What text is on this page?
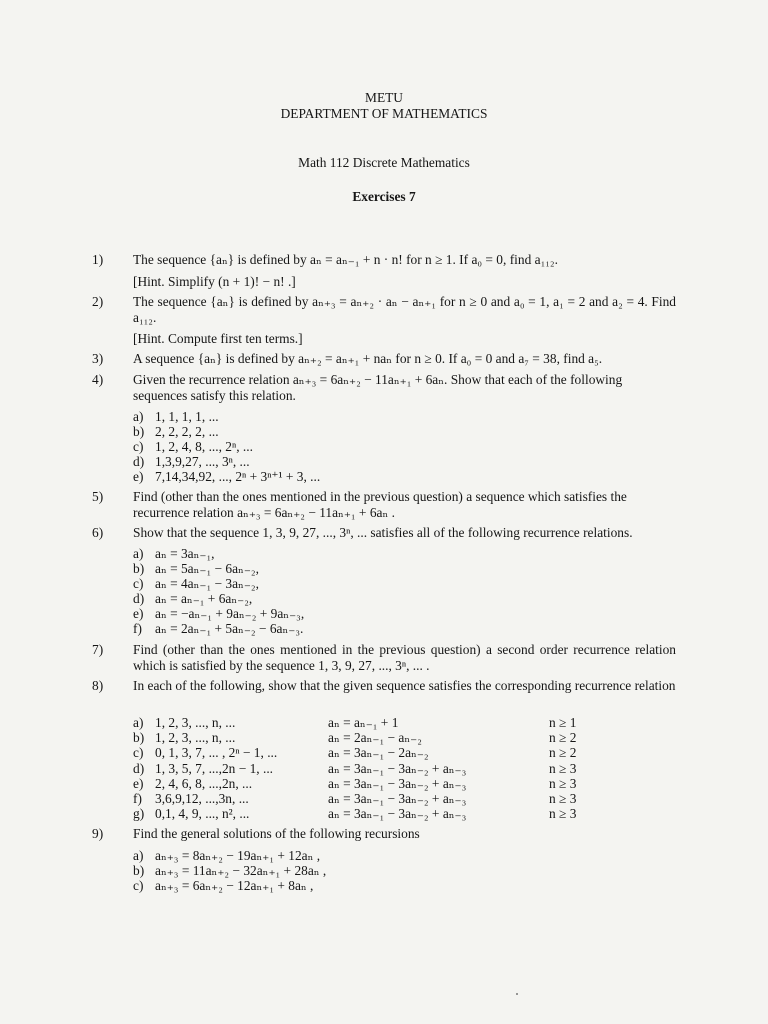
METU
DEPARTMENT OF MATHEMATICS
Math 112 Discrete Mathematics
Exercises 7
1)	The sequence {aₙ} is defined by aₙ = aₙ₋₁ + n · n! for n ≥ 1. If a₀ = 0, find a₁₁₂.
[Hint. Simplify (n + 1)! − n! .]
2)	The sequence {aₙ} is defined by aₙ₊₃ = aₙ₊₂ · aₙ − aₙ₊₁ for n ≥ 0 and a₀ = 1, a₁ = 2 and a₂ = 4. Find a₁₁₂.
[Hint. Compute first ten terms.]
3)	A sequence {aₙ} is defined by aₙ₊₂ = aₙ₊₁ + naₙ for n ≥ 0. If a₀ = 0 and a₇ = 38, find a₅.
4)	Given the recurrence relation aₙ₊₃ = 6aₙ₊₂ − 11aₙ₊₁ + 6aₙ. Show that each of the following sequences satisfy this relation.
a) 1, 1, 1, 1, ...
b) 2, 2, 2, 2, ...
c) 1, 2, 4, 8, ..., 2ⁿ, ...
d) 1,3,9,27, ..., 3ⁿ, ...
e) 7,14,34,92, ..., 2ⁿ + 3ⁿ⁺¹ + 3, ...
5)	Find (other than the ones mentioned in the previous question) a sequence which satisfies the recurrence relation aₙ₊₃ = 6aₙ₊₂ − 11aₙ₊₁ + 6aₙ .
6)	Show that the sequence 1, 3, 9, 27, ..., 3ⁿ, ... satisfies all of the following recurrence relations.
a) aₙ = 3aₙ₋₁,
b) aₙ = 5aₙ₋₁ − 6aₙ₋₂,
c) aₙ = 4aₙ₋₁ − 3aₙ₋₂,
d) aₙ = aₙ₋₁ + 6aₙ₋₂,
e) aₙ = −aₙ₋₁ + 9aₙ₋₂ + 9aₙ₋₃,
f) aₙ = 2aₙ₋₁ + 5aₙ₋₂ − 6aₙ₋₃.
7)	Find (other than the ones mentioned in the previous question) a second order recurrence relation which is satisfied by the sequence 1, 3, 9, 27, ..., 3ⁿ, ... .
8)	In each of the following, show that the given sequence satisfies the corresponding recurrence relation
a) 1, 2, 3, ..., n, ...	aₙ = aₙ₋₁ + 1	n ≥ 1
b) 1, 2, 3, ..., n, ...	aₙ = 2aₙ₋₁ − aₙ₋₂	n ≥ 2
c) 0, 1, 3, 7, ... , 2ⁿ − 1, ...	aₙ = 3aₙ₋₁ − 2aₙ₋₂	n ≥ 2
d) 1, 3, 5, 7, ...,2n − 1, ...	aₙ = 3aₙ₋₁ − 3aₙ₋₂ + aₙ₋₃	n ≥ 3
e) 2, 4, 6, 8, ...,2n, ...	aₙ = 3aₙ₋₁ − 3aₙ₋₂ + aₙ₋₃	n ≥ 3
f) 3,6,9,12, ...,3n, ...	aₙ = 3aₙ₋₁ − 3aₙ₋₂ + aₙ₋₃	n ≥ 3
g) 0,1, 4, 9, ..., n², ...	aₙ = 3aₙ₋₁ − 3aₙ₋₂ + aₙ₋₃	n ≥ 3
9)	Find the general solutions of the following recursions
a) aₙ₊₃ = 8aₙ₊₂ − 19aₙ₊₁ + 12aₙ ,
b) aₙ₊₃ = 11aₙ₊₂ − 32aₙ₊₁ + 28aₙ ,
c) aₙ₊₃ = 6aₙ₊₂ − 12aₙ₊₁ + 8aₙ ,
